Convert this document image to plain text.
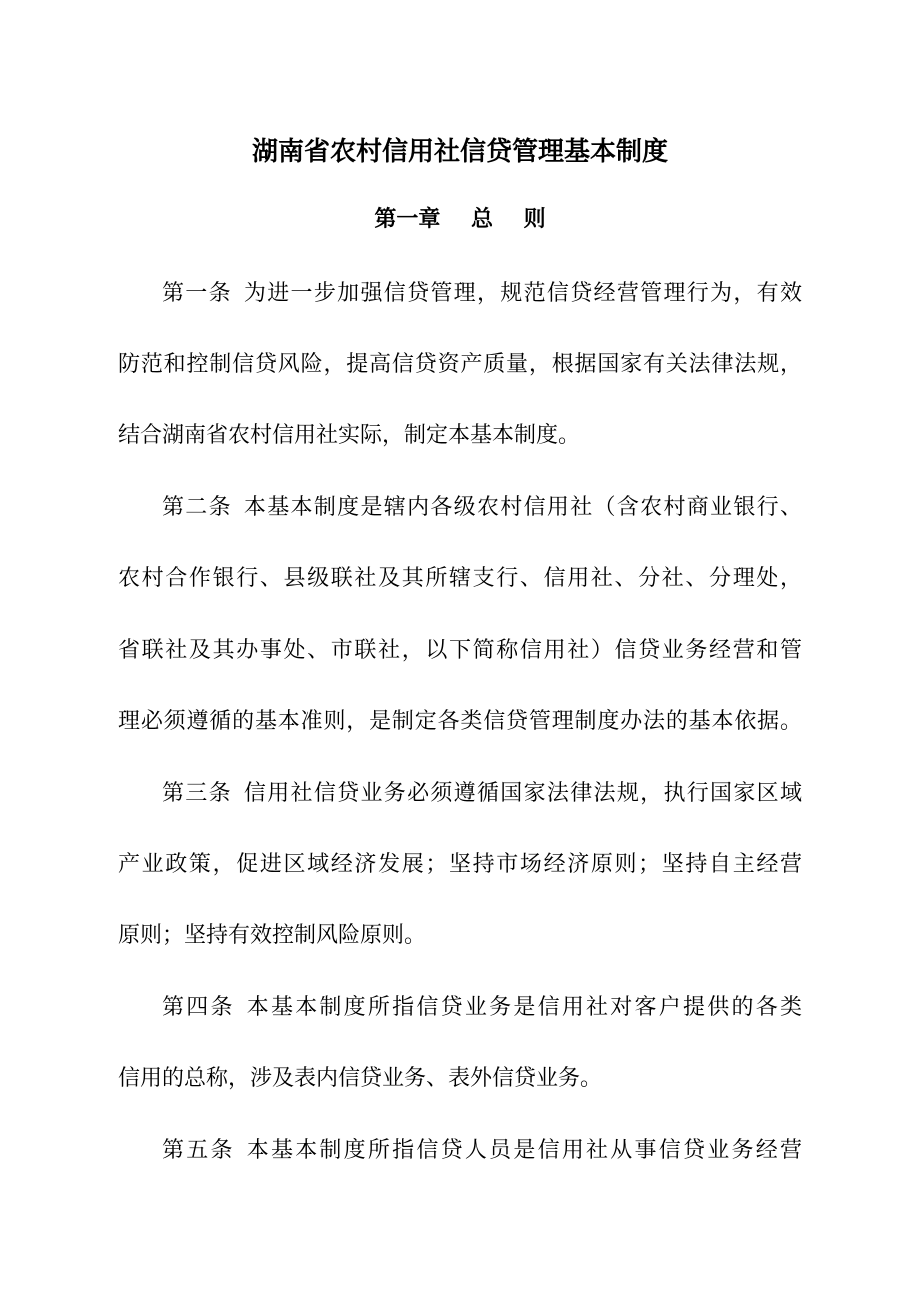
湖南省农村信用社信贷管理基本制度
第一章    总    则
第一条 为进一步加强信贷管理，规范信贷经营管理行为，有效
防范和控制信贷风险，提高信贷资产质量，根据国家有关法律法规，
结合湖南省农村信用社实际，制定本基本制度。
第二条 本基本制度是辖内各级农村信用社（含农村商业银行、
农村合作银行、县级联社及其所辖支行、信用社、分社、分理处，
省联社及其办事处、市联社，以下简称信用社）信贷业务经营和管
理必须遵循的基本准则，是制定各类信贷管理制度办法的基本依据。
第三条 信用社信贷业务必须遵循国家法律法规，执行国家区域
产业政策，促进区域经济发展；坚持市场经济原则；坚持自主经营
原则；坚持有效控制风险原则。
第四条 本基本制度所指信贷业务是信用社对客户提供的各类
信用的总称，涉及表内信贷业务、表外信贷业务。
第五条 本基本制度所指信贷人员是信用社从事信贷业务经营
